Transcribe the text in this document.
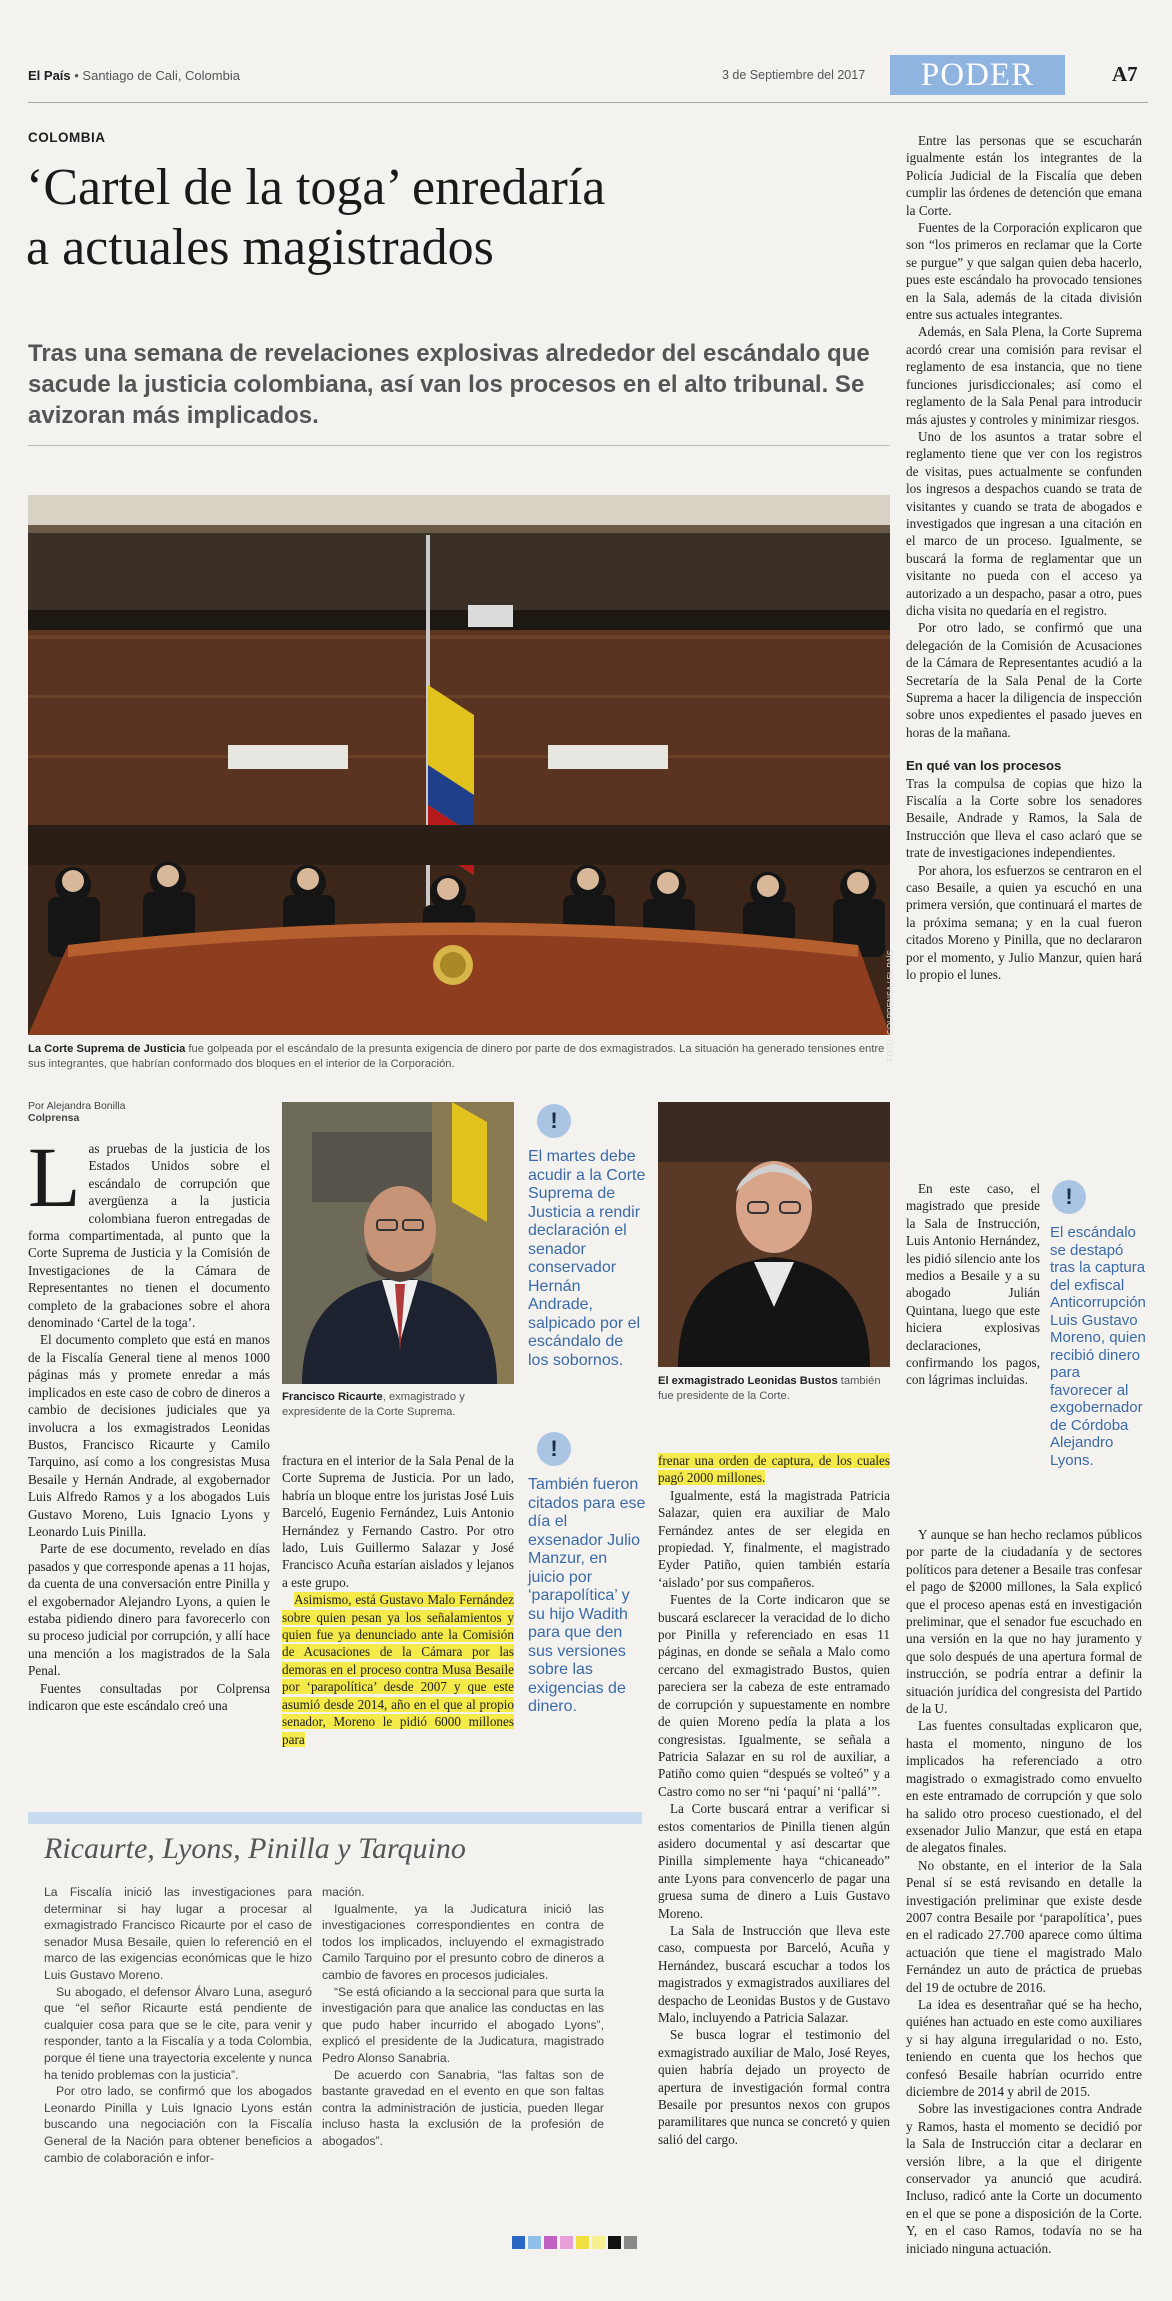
El País • Santiago de Cali, Colombia	3 de Septiembre del 2017	PODER	A7
COLOMBIA
‘Cartel de la toga’ enredaría
a actuales magistrados
Tras una semana de revelaciones explosivas alrededor del escándalo que sacude la justicia colombiana, así van los procesos en el alto tribunal. Se avizoran más implicados.
FOTO: COLPRENSA / EL PAÍS
La Corte Suprema de Justicia fue golpeada por el escándalo de la presunta exigencia de dinero por parte de dos exmagistrados. La situación ha generado tensiones entre sus integrantes, que habrían conformado dos bloques en el interior de la Corporación.
Por Alejandra Bonilla
Colprensa

Las pruebas de la justicia de los Estados Unidos sobre el escándalo de corrupción que avergüenza a la justicia colombiana fueron entregadas de forma compartimentada, al punto que la Corte Suprema de Justicia y la Comisión de Investigaciones de la Cámara de Representantes no tienen el documento completo de la grabaciones sobre el ahora denominado ‘Cartel de la toga’.

El documento completo que está en manos de la Fiscalía General tiene al menos 1000 páginas más y promete enredar a más implicados en este caso de cobro de dineros a cambio de decisiones judiciales que ya involucra a los exmagistrados Leonidas Bustos, Francisco Ricaurte y Camilo Tarquino, así como a los congresistas Musa Besaile y Hernán Andrade, al exgobernador Luis Alfredo Ramos y a los abogados Luis Gustavo Moreno, Luis Ignacio Lyons y Leonardo Luis Pinilla.

Parte de ese documento, revelado en días pasados y que corresponde apenas a 11 hojas, da cuenta de una conversación entre Pinilla y el exgobernador Alejandro Lyons, a quien le estaba pidiendo dinero para favorecerlo con su proceso judicial por corrupción, y allí hace una mención a los magistrados de la Sala Penal.

Fuentes consultadas por Colprensa indicaron que este escándalo creó una

Francisco Ricaurte, exmagistrado y expresidente de la Corte Suprema.

fractura en el interior de la Sala Penal de la Corte Suprema de Justicia. Por un lado, habría un bloque entre los juristas José Luis Barceló, Eugenio Fernández, Luis Antonio Hernández y Fernando Castro. Por otro lado, Luis Guillermo Salazar y José Francisco Acuña estarían aislados y lejanos a este grupo.

Asimismo, está Gustavo Malo Fernández sobre quien pesan ya los señalamientos y quien fue ya denunciado ante la Comisión de Acusaciones de la Cámara por las demoras en el proceso contra Musa Besaile por ‘parapolítica’ desde 2007 y que este asumió desde 2014, año en el que al propio senador, Moreno le pidió 6000 millones para

!
El martes debe acudir a la Corte Suprema de Justicia a rendir declaración el senador conservador Hernán Andrade, salpicado por el escándalo de los sobornos.
!
También fueron citados para ese día el exsenador Julio Manzur, en juicio por ‘parapolítica’ y su hijo Wadith para que den sus versiones sobre las exigencias de dinero.
El exmagistrado Leonidas Bustos también fue presidente de la Corte.

frenar una orden de captura, de los cuales pagó 2000 millones.

Igualmente, está la magistrada Patricia Salazar, quien era auxiliar de Malo Fernández antes de ser elegida en propiedad. Y, finalmente, el magistrado Eyder Patiño, quien también estaría ‘aislado’ por sus compañeros.

Fuentes de la Corte indicaron que se buscará esclarecer la veracidad de lo dicho por Pinilla y referenciado en esas 11 páginas, en donde se señala a Malo como cercano del exmagistrado Bustos, quien pareciera ser la cabeza de este entramado de corrupción y supuestamente en nombre de quien Moreno pedía la plata a los congresistas. Igualmente, se señala a Patricia Salazar en su rol de auxiliar, a Patiño como quien “después se volteó” y a Castro como no ser “ni ‘paquí’ ni ‘pallá’”.

La Corte buscará entrar a verificar si estos comentarios de Pinilla tienen algún asidero documental y así descartar que Pinilla simplemente haya “chicaneado” ante Lyons para convencerlo de pagar una gruesa suma de dinero a Luis Gustavo Moreno.

La Sala de Instrucción que lleva este caso, compuesta por Barceló, Acuña y Hernández, buscará escuchar a todos los magistrados y exmagistrados auxiliares del despacho de Leonidas Bustos y de Gustavo Malo, incluyendo a Patricia Salazar.

Se busca lograr el testimonio del exmagistrado auxiliar de Malo, José Reyes, quien habría dejado un proyecto de apertura de investigación formal contra Besaile por presuntos nexos con grupos paramilitares que nunca se concretó y quien salió del cargo.

Ricaurte, Lyons, Pinilla y Tarquino

La Fiscalía inició las investigaciones para determinar si hay lugar a procesar al exmagistrado Francisco Ricaurte por el caso de senador Musa Besaile, quien lo referenció en el marco de las exigencias económicas que le hizo Luis Gustavo Moreno.

Su abogado, el defensor Álvaro Luna, aseguró que “el señor Ricaurte está pendiente de cualquier cosa para que se le cite, para venir y responder, tanto a la Fiscalía y a toda Colombia, porque él tiene una trayectoria excelente y nunca ha tenido problemas con la justicia”.

Por otro lado, se confirmó que los abogados Leonardo Pinilla y Luis Ignacio Lyons están buscando una negociación con la Fiscalía General de la Nación para obtener beneficios a cambio de colaboración e infor-

mación.

Igualmente, ya la Judicatura inició las investigaciones correspondientes en contra de todos los implicados, incluyendo el exmagistrado Camilo Tarquino por el presunto cobro de dineros a cambio de favores en procesos judiciales.

“Se está oficiando a la seccional para que surta la investigación para que analice las conductas en las que pudo haber incurrido el abogado Lyons”, explicó el presidente de la Judicatura, magistrado Pedro Alonso Sanabria.

De acuerdo con Sanabria, “las faltas son de bastante gravedad en el evento en que son faltas contra la administración de justicia, pueden llegar incluso hasta la exclusión de la profesión de abogados”.

Entre las personas que se escucharán igualmente están los integrantes de la Policía Judicial de la Fiscalía que deben cumplir las órdenes de detención que emana la Corte.

Fuentes de la Corporación explicaron que son “los primeros en reclamar que la Corte se purgue” y que salgan quien deba hacerlo, pues este escándalo ha provocado tensiones en la Sala, además de la citada división entre sus actuales integrantes.

Además, en Sala Plena, la Corte Suprema acordó crear una comisión para revisar el reglamento de esa instancia, que no tiene funciones jurisdiccionales; así como el reglamento de la Sala Penal para introducir más ajustes y controles y minimizar riesgos.

Uno de los asuntos a tratar sobre el reglamento tiene que ver con los registros de visitas, pues actualmente se confunden los ingresos a despachos cuando se trata de visitantes y cuando se trata de abogados e investigados que ingresan a una citación en el marco de un proceso. Igualmente, se buscará la forma de reglamentar que un visitante no pueda con el acceso ya autorizado a un despacho, pasar a otro, pues dicha visita no quedaría en el registro.

Por otro lado, se confirmó que una delegación de la Comisión de Acusaciones de la Cámara de Representantes acudió a la Secretaría de la Sala Penal de la Corte Suprema a hacer la diligencia de inspección sobre unos expedientes el pasado jueves en horas de la mañana.

En qué van los procesos

Tras la compulsa de copias que hizo la Fiscalía a la Corte sobre los senadores Besaile, Andrade y Ramos, la Sala de Instrucción que lleva el caso aclaró que se trate de investigaciones independientes.

Por ahora, los esfuerzos se centraron en el caso Besaile, a quien ya escuchó en una primera versión, que continuará el martes de la próxima semana; y en la cual fueron citados Moreno y Pinilla, que no declararon por el momento, y Julio Manzur, quien hará lo propio el lunes.

En este caso, el magistrado que preside la Sala de Instrucción, Luis Antonio Hernández, les pidió silencio ante los medios a Besaile y a su abogado Julián Quintana, luego que este hiciera explosivas declaraciones, confirmando los pagos, con lágrimas incluidas.

!
El escándalo se destapó tras la captura del exfiscal Anticorrupción Luis Gustavo Moreno, quien recibió dinero para favorecer al exgobernador de Córdoba Alejandro Lyons.

Y aunque se han hecho reclamos públicos por parte de la ciudadanía y de sectores políticos para detener a Besaile tras confesar el pago de $2000 millones, la Sala explicó que el proceso apenas está en investigación preliminar, que el senador fue escuchado en una versión en la que no hay juramento y que solo después de una apertura formal de instrucción, se podría entrar a definir la situación jurídica del congresista del Partido de la U.

Las fuentes consultadas explicaron que, hasta el momento, ninguno de los implicados ha referenciado a otro magistrado o exmagistrado como envuelto en este entramado de corrupción y que solo ha salido otro proceso cuestionado, el del exsenador Julio Manzur, que está en etapa de alegatos finales.

No obstante, en el interior de la Sala Penal sí se está revisando en detalle la investigación preliminar que existe desde 2007 contra Besaile por ‘parapolítica’, pues en el radicado 27.700 aparece como última actuación que tiene el magistrado Malo Fernández un auto de práctica de pruebas del 19 de octubre de 2016.

La idea es desentrañar qué se ha hecho, quiénes han actuado en este como auxiliares y si hay alguna irregularidad o no. Esto, teniendo en cuenta que los hechos que confesó Besaile habrían ocurrido entre diciembre de 2014 y abril de 2015.

Sobre las investigaciones contra Andrade y Ramos, hasta el momento se decidió por la Sala de Instrucción citar a declarar en versión libre, a la que el dirigente conservador ya anunció que acudirá. Incluso, radicó ante la Corte un documento en el que se pone a disposición de la Corte. Y, en el caso Ramos, todavía no se ha iniciado ninguna actuación.
